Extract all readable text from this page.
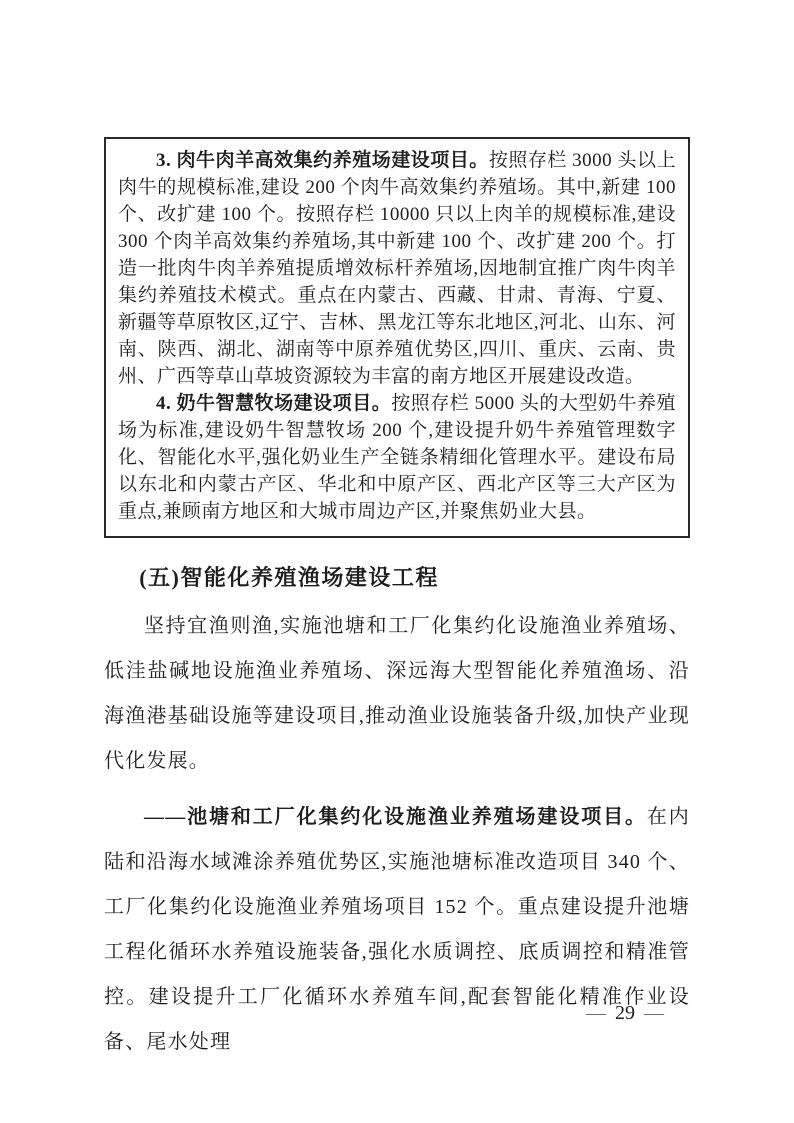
3. 肉牛肉羊高效集约养殖场建设项目。按照存栏 3000 头以上肉牛的规模标准,建设 200 个肉牛高效集约养殖场。其中,新建 100 个、改扩建 100 个。按照存栏 10000 只以上肉羊的规模标准,建设 300 个肉羊高效集约养殖场,其中新建 100 个、改扩建 200 个。打造一批肉牛肉羊养殖提质增效标杆养殖场,因地制宜推广肉牛肉羊集约养殖技术模式。重点在内蒙古、西藏、甘肃、青海、宁夏、新疆等草原牧区,辽宁、吉林、黑龙江等东北地区,河北、山东、河南、陕西、湖北、湖南等中原养殖优势区,四川、重庆、云南、贵州、广西等草山草坡资源较为丰富的南方地区开展建设改造。

4. 奶牛智慧牧场建设项目。按照存栏 5000 头的大型奶牛养殖场为标准,建设奶牛智慧牧场 200 个,建设提升奶牛养殖管理数字化、智能化水平,强化奶业生产全链条精细化管理水平。建设布局以东北和内蒙古产区、华北和中原产区、西北产区等三大产区为重点,兼顾南方地区和大城市周边产区,并聚焦奶业大县。

(五)智能化养殖渔场建设工程

坚持宜渔则渔,实施池塘和工厂化集约化设施渔业养殖场、低洼盐碱地设施渔业养殖场、深远海大型智能化养殖渔场、沿海渔港基础设施等建设项目,推动渔业设施装备升级,加快产业现代化发展。

——池塘和工厂化集约化设施渔业养殖场建设项目。在内陆和沿海水域滩涂养殖优势区,实施池塘标准改造项目 340 个、工厂化集约化设施渔业养殖场项目 152 个。重点建设提升池塘工程化循环水养殖设施装备,强化水质调控、底质调控和精准管控。建设提升工厂化循环水养殖车间,配套智能化精准作业设备、尾水处理

— 29 —
